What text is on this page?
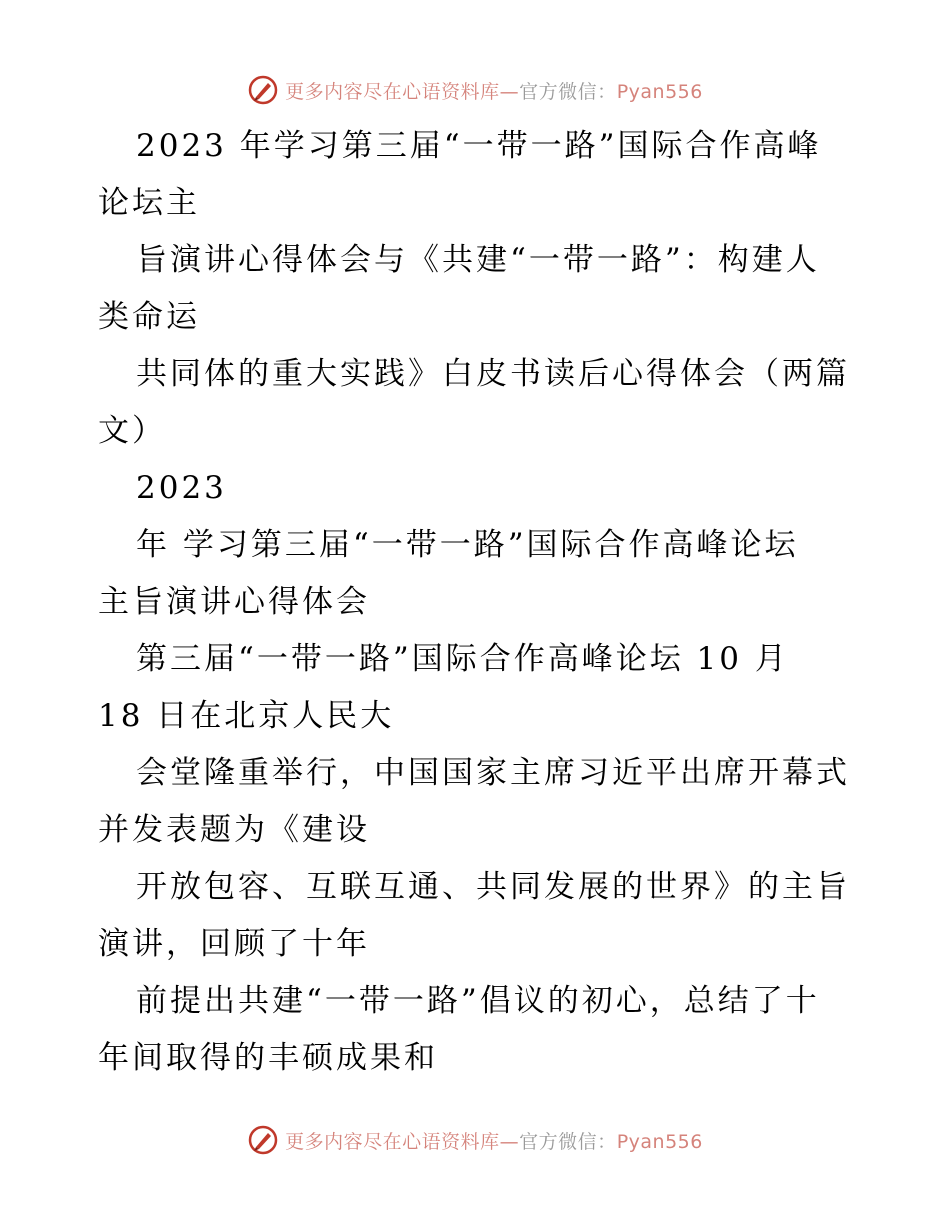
更多内容尽在心语资料库—官方微信：Pyan556
2023 年学习第三届“一带一路”国际合作高峰
论坛主
旨演讲心得体会与《共建“一带一路”：构建人
类命运
共同体的重大实践》白皮书读后心得体会（两篇
文）
2023
年 学习第三届“一带一路”国际合作高峰论坛
主旨演讲心得体会
第三届“一带一路”国际合作高峰论坛 10 月
18 日在北京人民大
会堂隆重举行，中国国家主席习近平出席开幕式
并发表题为《建设
开放包容、互联互通、共同发展的世界》的主旨
演讲，回顾了十年
前提出共建“一带一路”倡议的初心，总结了十
年间取得的丰硕成果和
更多内容尽在心语资料库—官方微信：Pyan556
